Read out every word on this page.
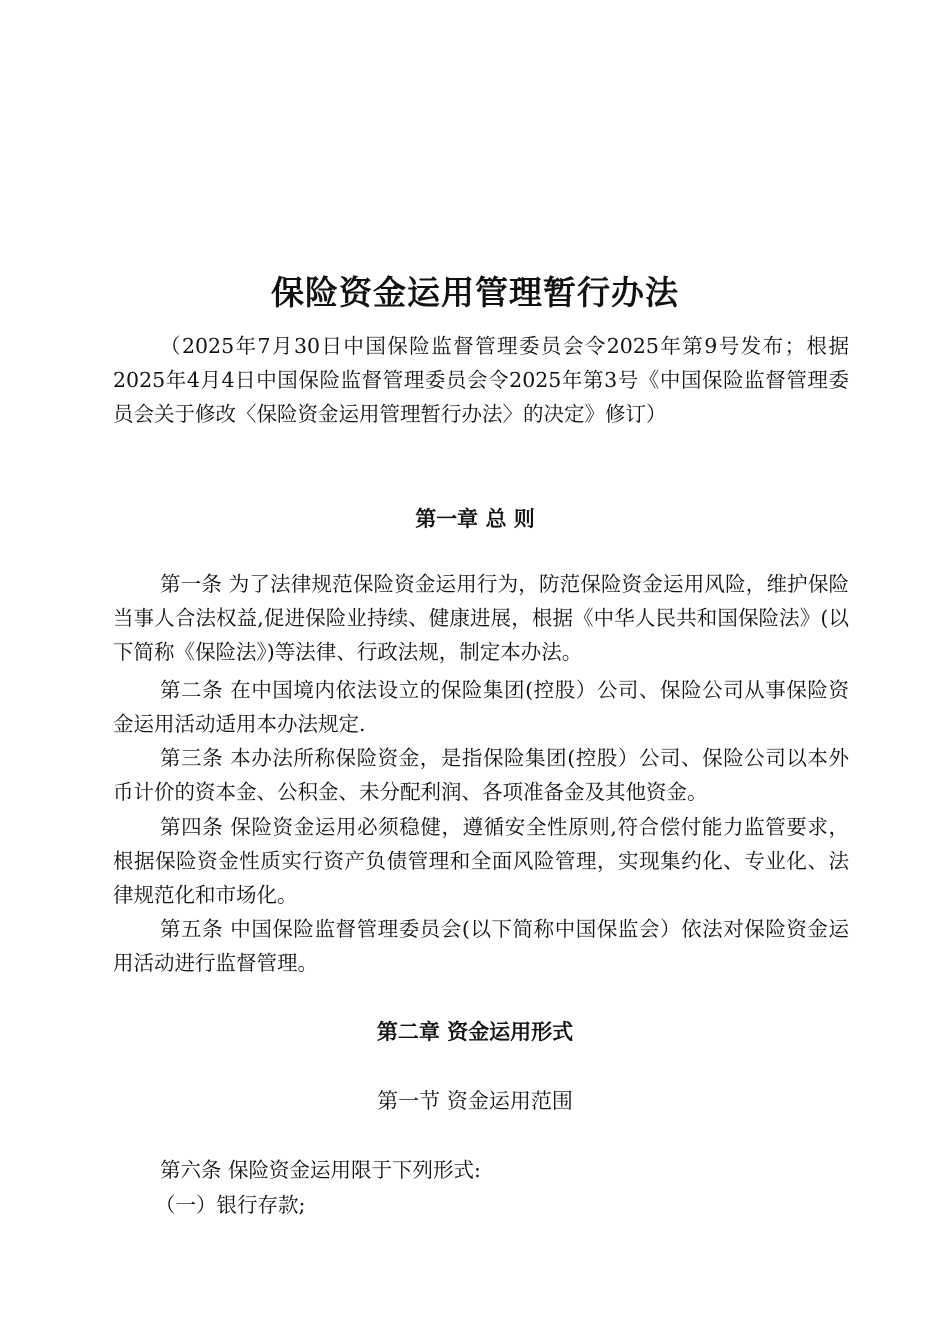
保险资金运用管理暂行办法

（2025年7月30日中国保险监督管理委员会令2025年第9号发布；根据2025年4月4日中国保险监督管理委员会令2025年第3号《中国保险监督管理委员会关于修改〈保险资金运用管理暂行办法〉的决定》修订）

第一章 总 则

第一条 为了法律规范保险资金运用行为，防范保险资金运用风险，维护保险当事人合法权益,促进保险业持续、健康进展，根据《中华人民共和国保险法》(以下简称《保险法》)等法律、行政法规，制定本办法。

第二条 在中国境内依法设立的保险集团(控股）公司、保险公司从事保险资金运用活动适用本办法规定.

第三条 本办法所称保险资金，是指保险集团(控股）公司、保险公司以本外币计价的资本金、公积金、未分配利润、各项准备金及其他资金。

第四条 保险资金运用必须稳健，遵循安全性原则,符合偿付能力监管要求，根据保险资金性质实行资产负债管理和全面风险管理，实现集约化、专业化、法律规范化和市场化。

第五条 中国保险监督管理委员会(以下简称中国保监会）依法对保险资金运用活动进行监督管理。

第二章 资金运用形式
第一节 资金运用范围

第六条 保险资金运用限于下列形式:

（一）银行存款;
